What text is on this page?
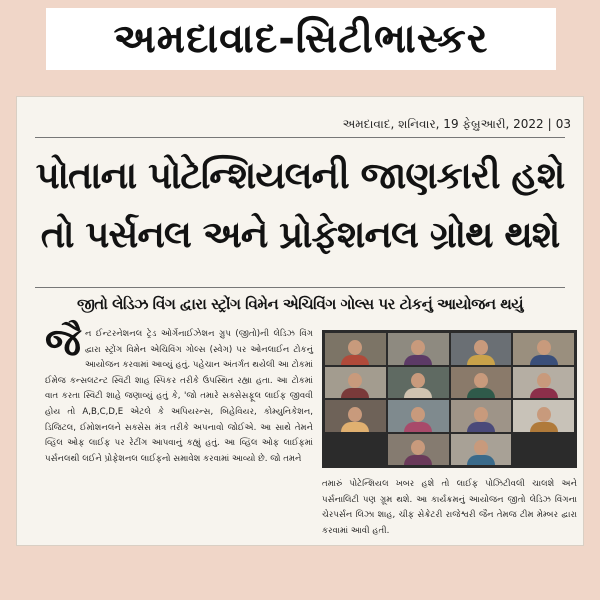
અમદાવાદ-સિટીભાસ્કર
અમદાવાદ, શનિવાર, 19 ફેબ્રુઆરી, 2022 | 03
પોતાના પોટેન્શિયલની જાણકારી હશે
તો પર્સનલ અને પ્રોફેશનલ ગ્રોથ થશે
જીતો લેડિઝ વિંગ દ્વારા સ્ટ્રોંગ વિમેન એચિવિંગ ગોલ્સ પર ટોકનું આયોજન થયું
જૈન ઈન્ટરનેશનલ ટ્રેડ ઓર્ગેનાઈઝેશન ગ્રુપ (જીતો)ની લેડિઝ વિંગ દ્વારા સ્ટ્રોંગ વિમેન એચિવિંગ ગોલ્સ (સ્વેગ) પર ઓનલાઈન ટોકનું આયોજન કરવામાં આવ્યું હતું. પહેચાન અંતર્ગત થયેલી આ ટોકમાં ઈમેજ કન્સલટન્ટ સ્વિટી શાહ સ્પિકર તરીકે ઉપસ્થિત રહ્યા હતા. આ ટોકમાં વાત કરતા સ્વિટી શાહે જણાવ્યું હતું કે, 'જો તમારે સક્સેસફૂલ લાઈફ જીવવી હોય તો A,B,C,D,E એટલે કે અપિયરન્સ, બિહેવિયર, કોમ્યુનિકેશન, ડિજિટલ, ઈમોશનલને સક્સેસ મંત્ર તરીકે અપનાવો જોઈએ. આ સાથે તેમને વ્હિલ ઓફ લાઈફ પર રેટીંગ આપવાનું કહ્યું હતું. આ વ્હિલ ઓફ લાઈફમાં પર્સનલથી લઈને પ્રોફેશનલ લાઈફનો સમાવેશ કરવામાં આવ્યો છે. જો તમને
તમારું પોટેન્શિયલ ખબર હશે તો લાઈફ પોઝિટીવલી ચાલશે અને પર્સનાલિટી પણ ગ્રૂમ થશે. આ કાર્યક્રમનું આયોજન જીતો લેડિઝ વિંગના ચેરપર્સન લિઝા શાહ, ચીફ સેક્રેટરી રાજેશ્વરી જૈન તેમજ ટીમ મેમ્બર દ્વારા કરવામાં આવી હતી.
